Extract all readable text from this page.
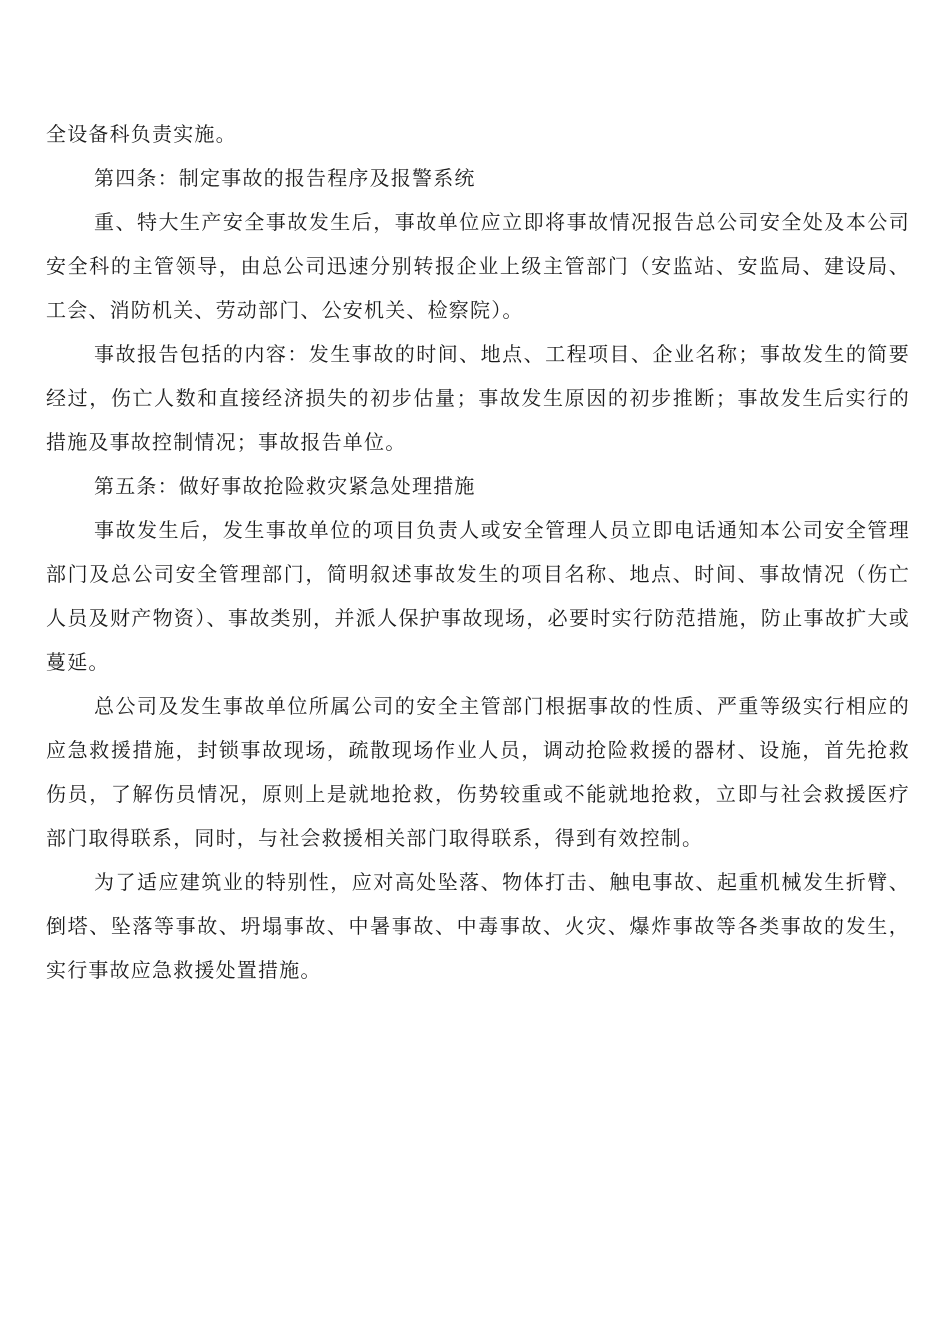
全设备科负责实施。

第四条：制定事故的报告程序及报警系统

重、特大生产安全事故发生后，事故单位应立即将事故情况报告总公司安全处及本公司安全科的主管领导，由总公司迅速分别转报企业上级主管部门（安监站、安监局、建设局、工会、消防机关、劳动部门、公安机关、检察院）。

事故报告包括的内容：发生事故的时间、地点、工程项目、企业名称；事故发生的简要经过，伤亡人数和直接经济损失的初步估量；事故发生原因的初步推断；事故发生后实行的措施及事故控制情况；事故报告单位。

第五条：做好事故抢险救灾紧急处理措施

事故发生后，发生事故单位的项目负责人或安全管理人员立即电话通知本公司安全管理部门及总公司安全管理部门，简明叙述事故发生的项目名称、地点、时间、事故情况（伤亡人员及财产物资）、事故类别，并派人保护事故现场，必要时实行防范措施，防止事故扩大或蔓延。

总公司及发生事故单位所属公司的安全主管部门根据事故的性质、严重等级实行相应的应急救援措施，封锁事故现场，疏散现场作业人员，调动抢险救援的器材、设施，首先抢救伤员，了解伤员情况，原则上是就地抢救，伤势较重或不能就地抢救，立即与社会救援医疗部门取得联系，同时，与社会救援相关部门取得联系，得到有效控制。

为了适应建筑业的特别性，应对高处坠落、物体打击、触电事故、起重机械发生折臂、倒塔、坠落等事故、坍塌事故、中暑事故、中毒事故、火灾、爆炸事故等各类事故的发生，实行事故应急救援处置措施。
